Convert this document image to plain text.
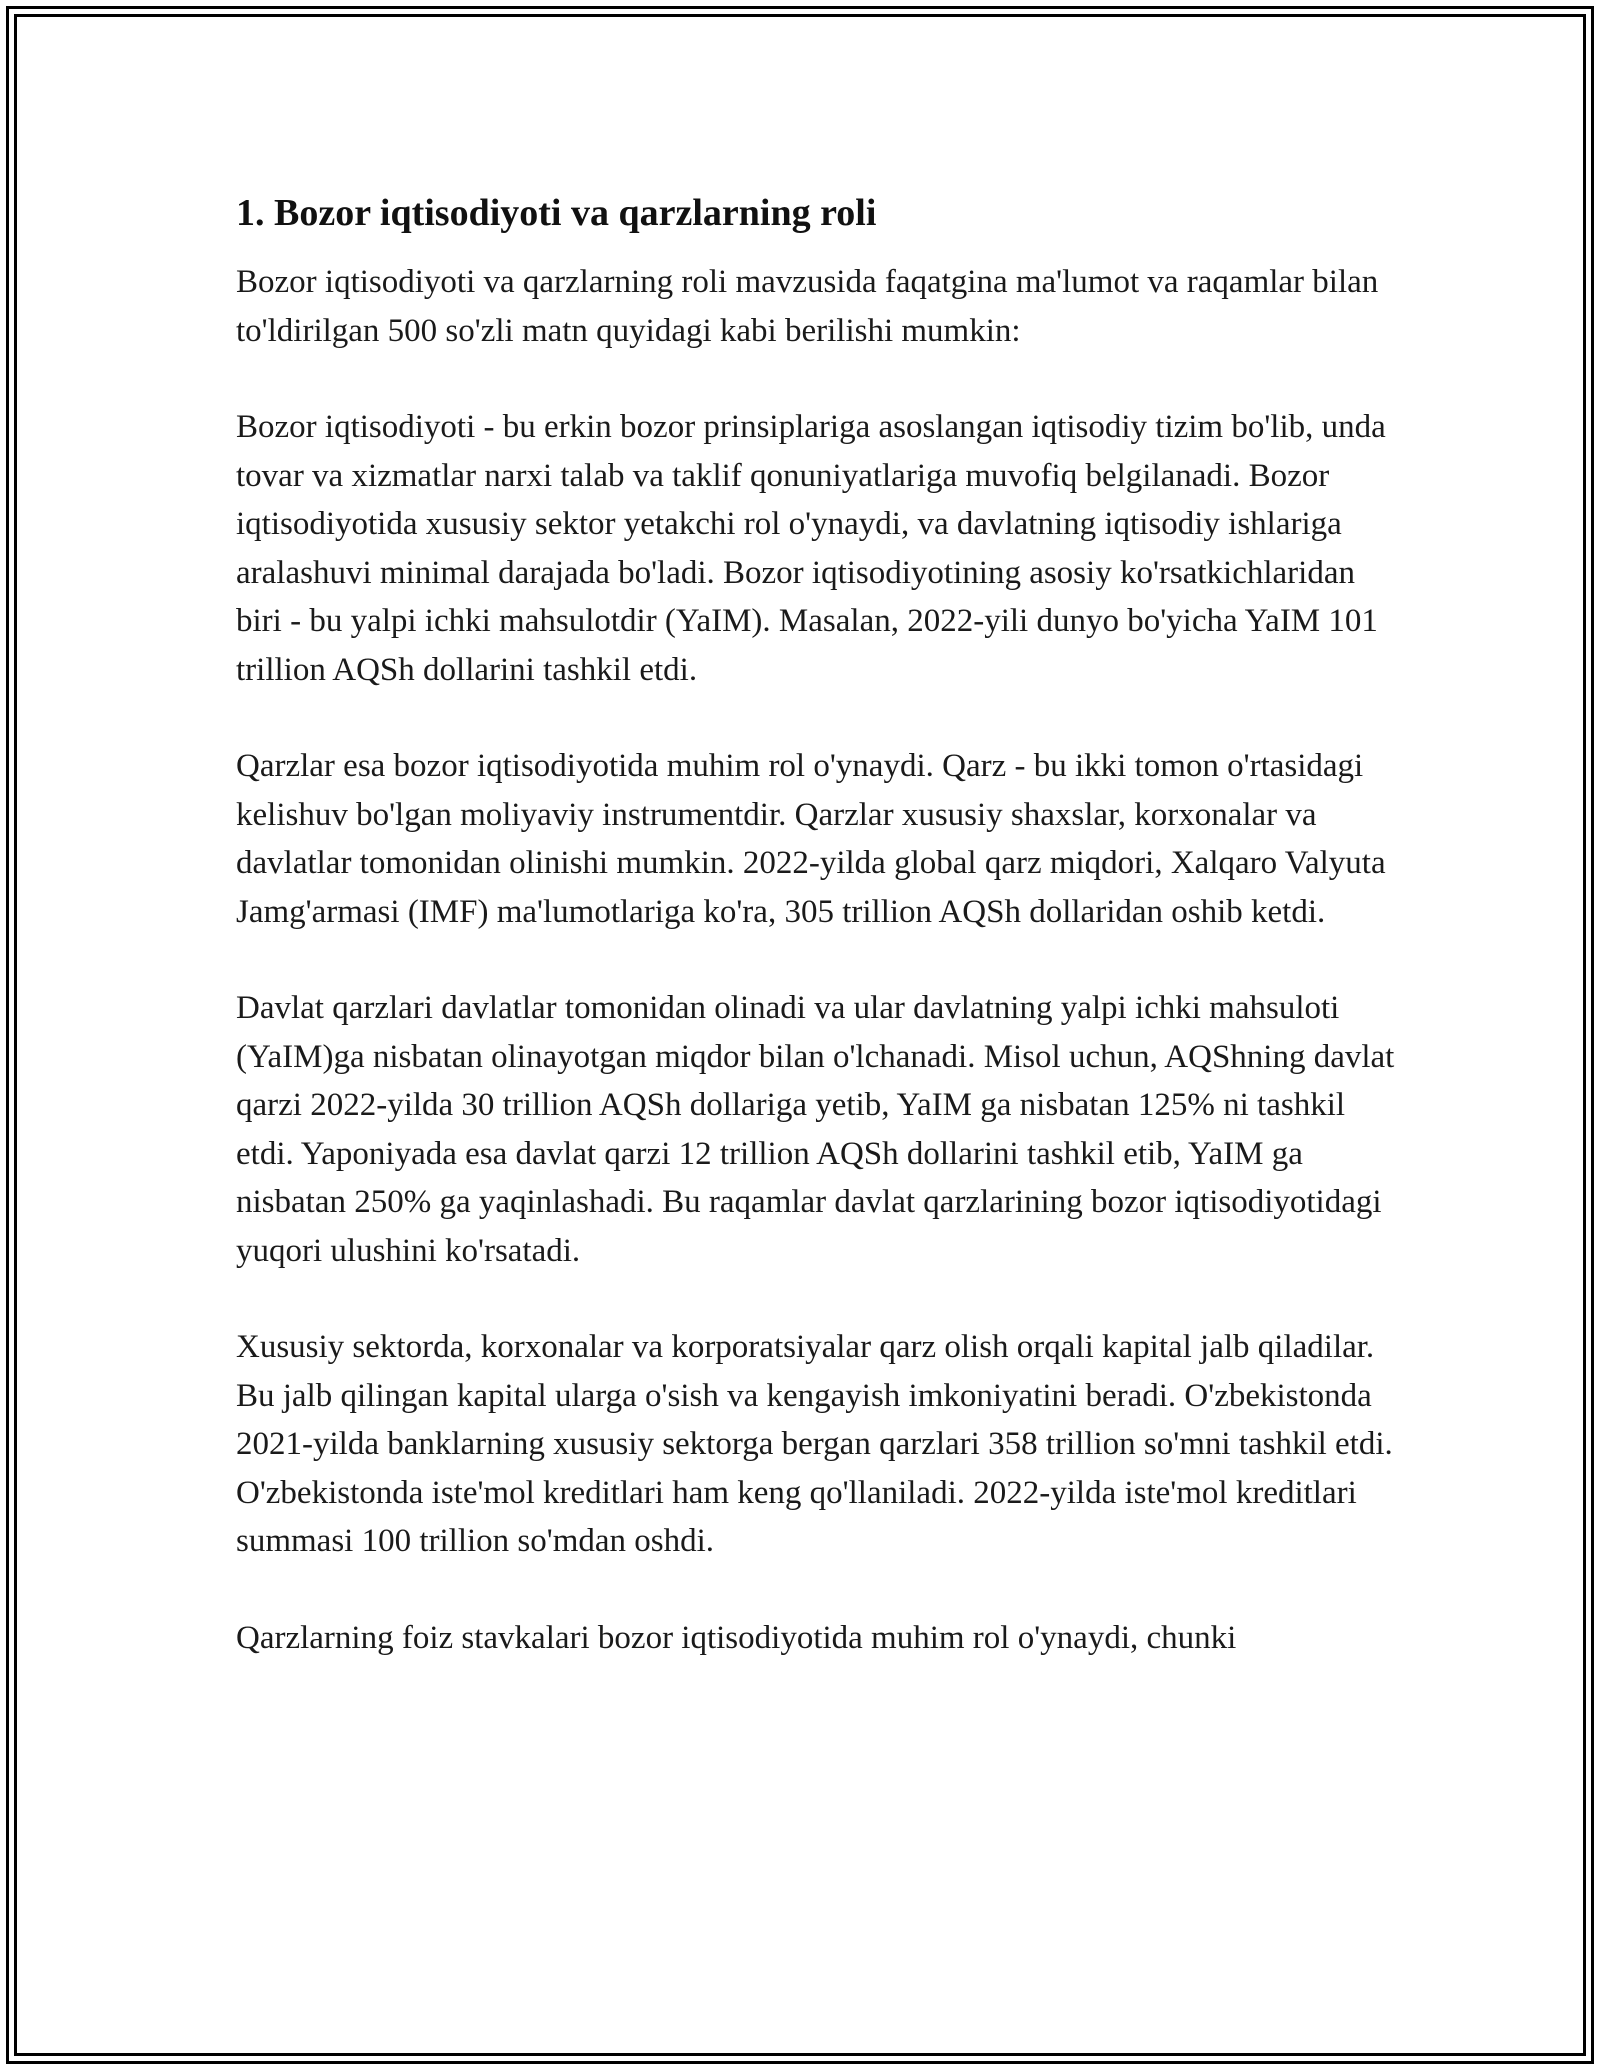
1. Bozor iqtisodiyoti va qarzlarning roli

Bozor iqtisodiyoti va qarzlarning roli mavzusida faqatgina ma'lumot va raqamlar bilan to'ldirilgan 500 so'zli matn quyidagi kabi berilishi mumkin:

Bozor iqtisodiyoti - bu erkin bozor prinsiplariga asoslangan iqtisodiy tizim bo'lib, unda tovar va xizmatlar narxi talab va taklif qonuniyatlariga muvofiq belgilanadi. Bozor iqtisodiyotida xususiy sektor yetakchi rol o'ynaydi, va davlatning iqtisodiy ishlariga aralashuvi minimal darajada bo'ladi. Bozor iqtisodiyotining asosiy ko'rsatkichlaridan biri - bu yalpi ichki mahsulotdir (YaIM). Masalan, 2022-yili dunyo bo'yicha YaIM 101 trillion AQSh dollarini tashkil etdi.

Qarzlar esa bozor iqtisodiyotida muhim rol o'ynaydi. Qarz - bu ikki tomon o'rtasidagi kelishuv bo'lgan moliyaviy instrumentdir. Qarzlar xususiy shaxslar, korxonalar va davlatlar tomonidan olinishi mumkin. 2022-yilda global qarz miqdori, Xalqaro Valyuta Jamg'armasi (IMF) ma'lumotlariga ko'ra, 305 trillion AQSh dollaridan oshib ketdi.

Davlat qarzlari davlatlar tomonidan olinadi va ular davlatning yalpi ichki mahsuloti (YaIM)ga nisbatan olinayotgan miqdor bilan o'lchanadi. Misol uchun, AQShning davlat qarzi 2022-yilda 30 trillion AQSh dollariga yetib, YaIM ga nisbatan 125% ni tashkil etdi. Yaponiyada esa davlat qarzi 12 trillion AQSh dollarini tashkil etib, YaIM ga nisbatan 250% ga yaqinlashadi. Bu raqamlar davlat qarzlarining bozor iqtisodiyotidagi yuqori ulushini ko'rsatadi.

Xususiy sektorda, korxonalar va korporatsiyalar qarz olish orqali kapital jalb qiladilar. Bu jalb qilingan kapital ularga o'sish va kengayish imkoniyatini beradi. O'zbekistonda 2021-yilda banklarning xususiy sektorga bergan qarzlari 358 trillion so'mni tashkil etdi. O'zbekistonda iste'mol kreditlari ham keng qo'llaniladi. 2022-yilda iste'mol kreditlari summasi 100 trillion so'mdan oshdi.

Qarzlarning foiz stavkalari bozor iqtisodiyotida muhim rol o'ynaydi, chunki
